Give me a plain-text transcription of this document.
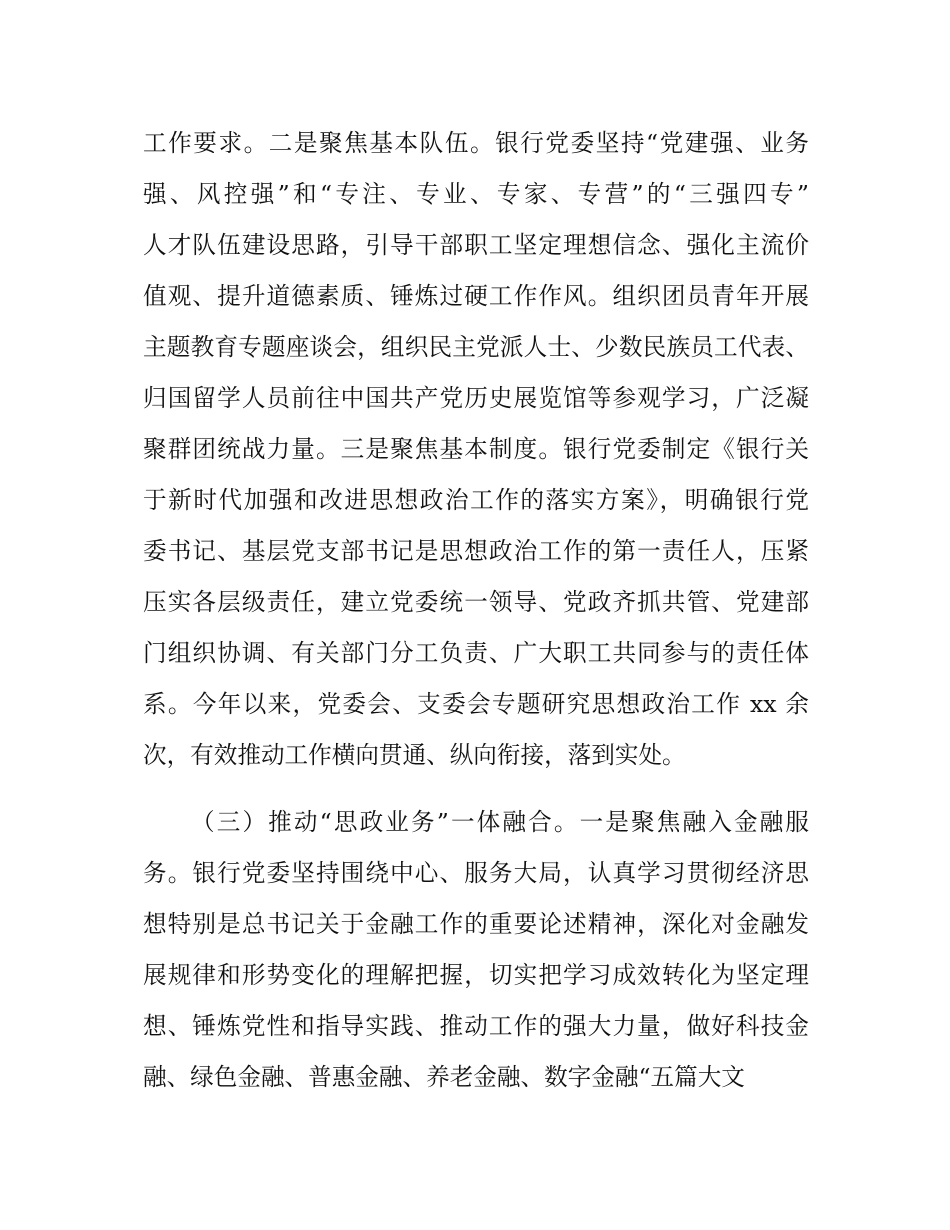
工作要求。二是聚焦基本队伍。银行党委坚持“党建强、业务
强、风控强”和“专注、专业、专家、专营”的“三强四专”
人才队伍建设思路，引导干部职工坚定理想信念、强化主流价
值观、提升道德素质、锤炼过硬工作作风。组织团员青年开展
主题教育专题座谈会，组织民主党派人士、少数民族员工代表、
归国留学人员前往中国共产党历史展览馆等参观学习，广泛凝
聚群团统战力量。三是聚焦基本制度。银行党委制定《银行关
于新时代加强和改进思想政治工作的落实方案》，明确银行党
委书记、基层党支部书记是思想政治工作的第一责任人，压紧
压实各层级责任，建立党委统一领导、党政齐抓共管、党建部
门组织协调、有关部门分工负责、广大职工共同参与的责任体
系。今年以来，党委会、支委会专题研究思想政治工作 xx 余
次，有效推动工作横向贯通、纵向衔接，落到实处。
（三）推动“思政业务”一体融合。一是聚焦融入金融服
务。银行党委坚持围绕中心、服务大局，认真学习贯彻经济思
想特别是总书记关于金融工作的重要论述精神，深化对金融发
展规律和形势变化的理解把握，切实把学习成效转化为坚定理
想、锤炼党性和指导实践、推动工作的强大力量，做好科技金
融、绿色金融、普惠金融、养老金融、数字金融“五篇大文
